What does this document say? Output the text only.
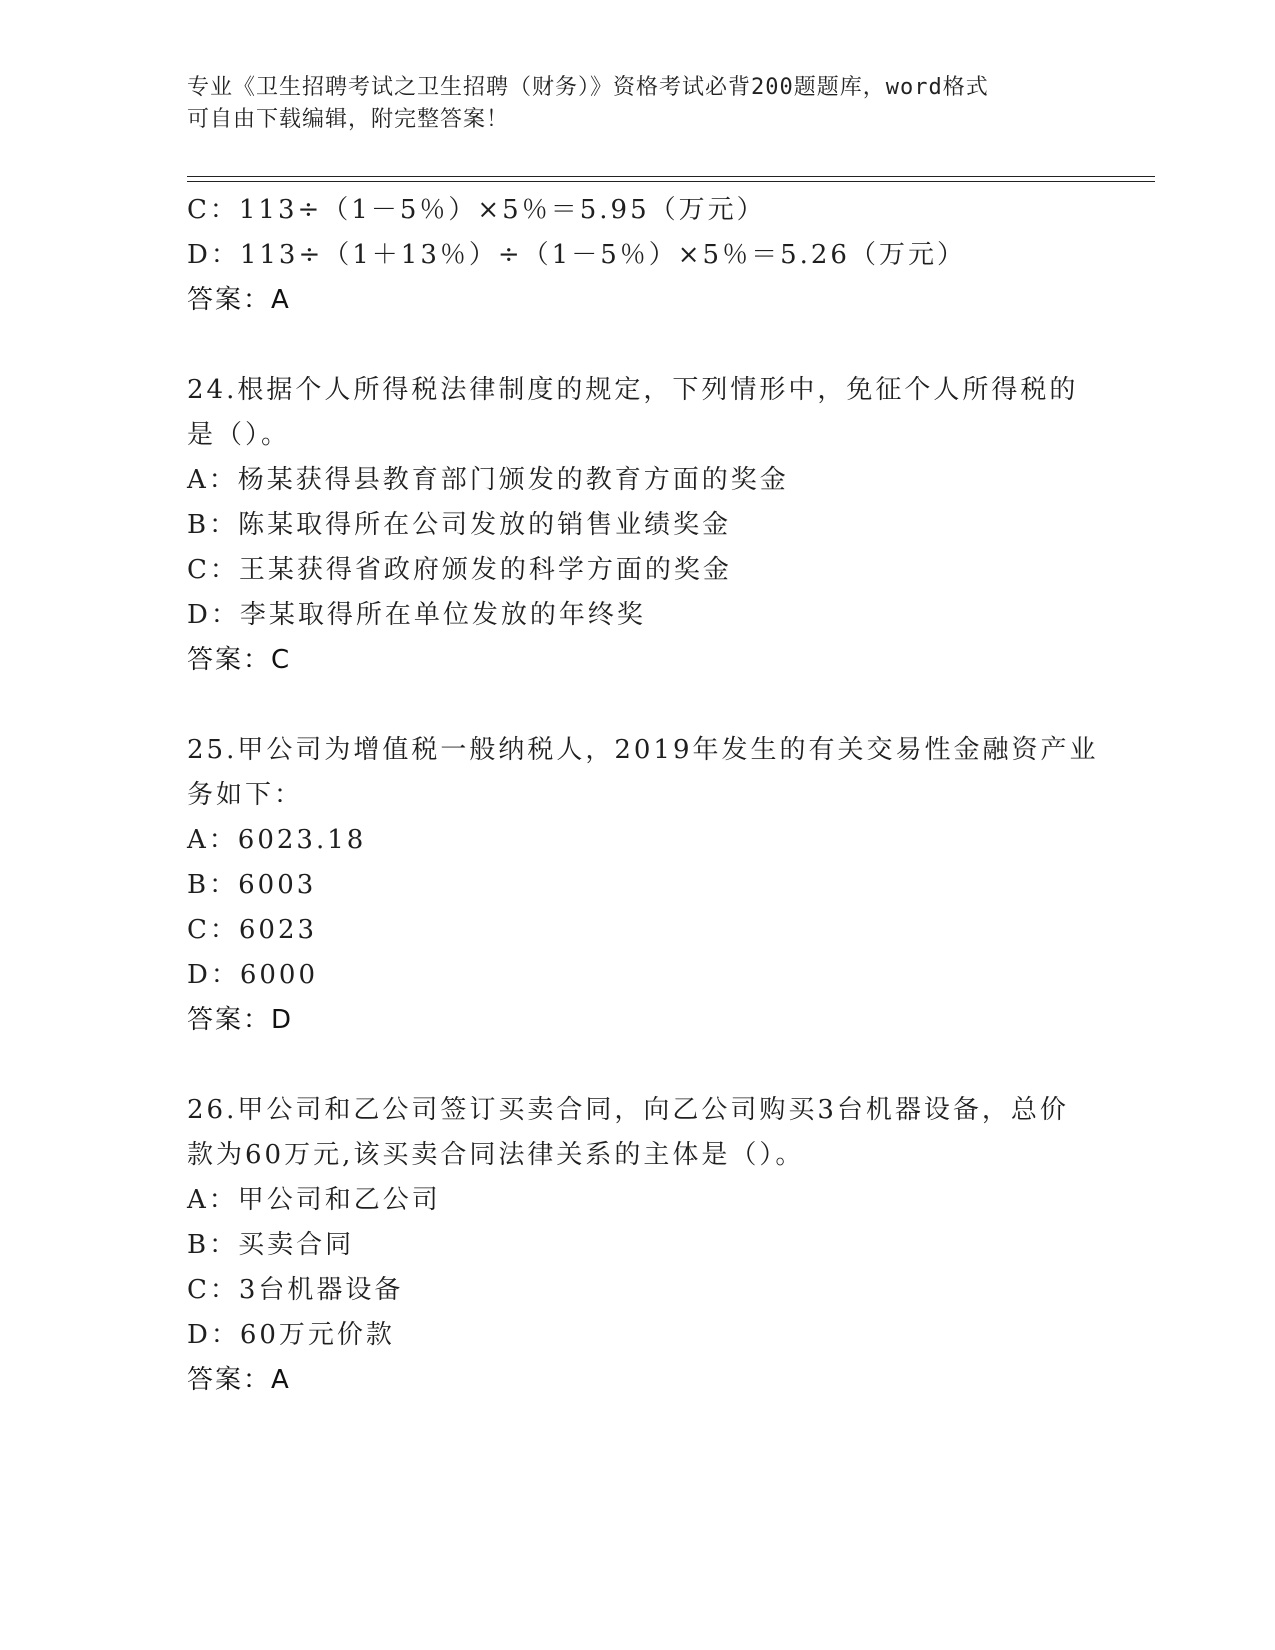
专业《卫生招聘考试之卫生招聘（财务）》资格考试必背200题题库，word格式
可自由下载编辑，附完整答案！
C：113÷（1－5％）×5％＝5.95（万元）
D：113÷（1＋13％）÷（1－5％）×5％＝5.26（万元）
答案：A
24.根据个人所得税法律制度的规定，下列情形中，免征个人所得税的
是（）。
A：杨某获得县教育部门颁发的教育方面的奖金
B：陈某取得所在公司发放的销售业绩奖金
C：王某获得省政府颁发的科学方面的奖金
D：李某取得所在单位发放的年终奖
答案：C
25.甲公司为增值税一般纳税人，2019年发生的有关交易性金融资产业
务如下：
A：6023.18
B：6003
C：6023
D：6000
答案：D
26.甲公司和乙公司签订买卖合同，向乙公司购买3台机器设备，总价
款为60万元,该买卖合同法律关系的主体是（）。
A：甲公司和乙公司
B：买卖合同
C：3台机器设备
D：60万元价款
答案：A
